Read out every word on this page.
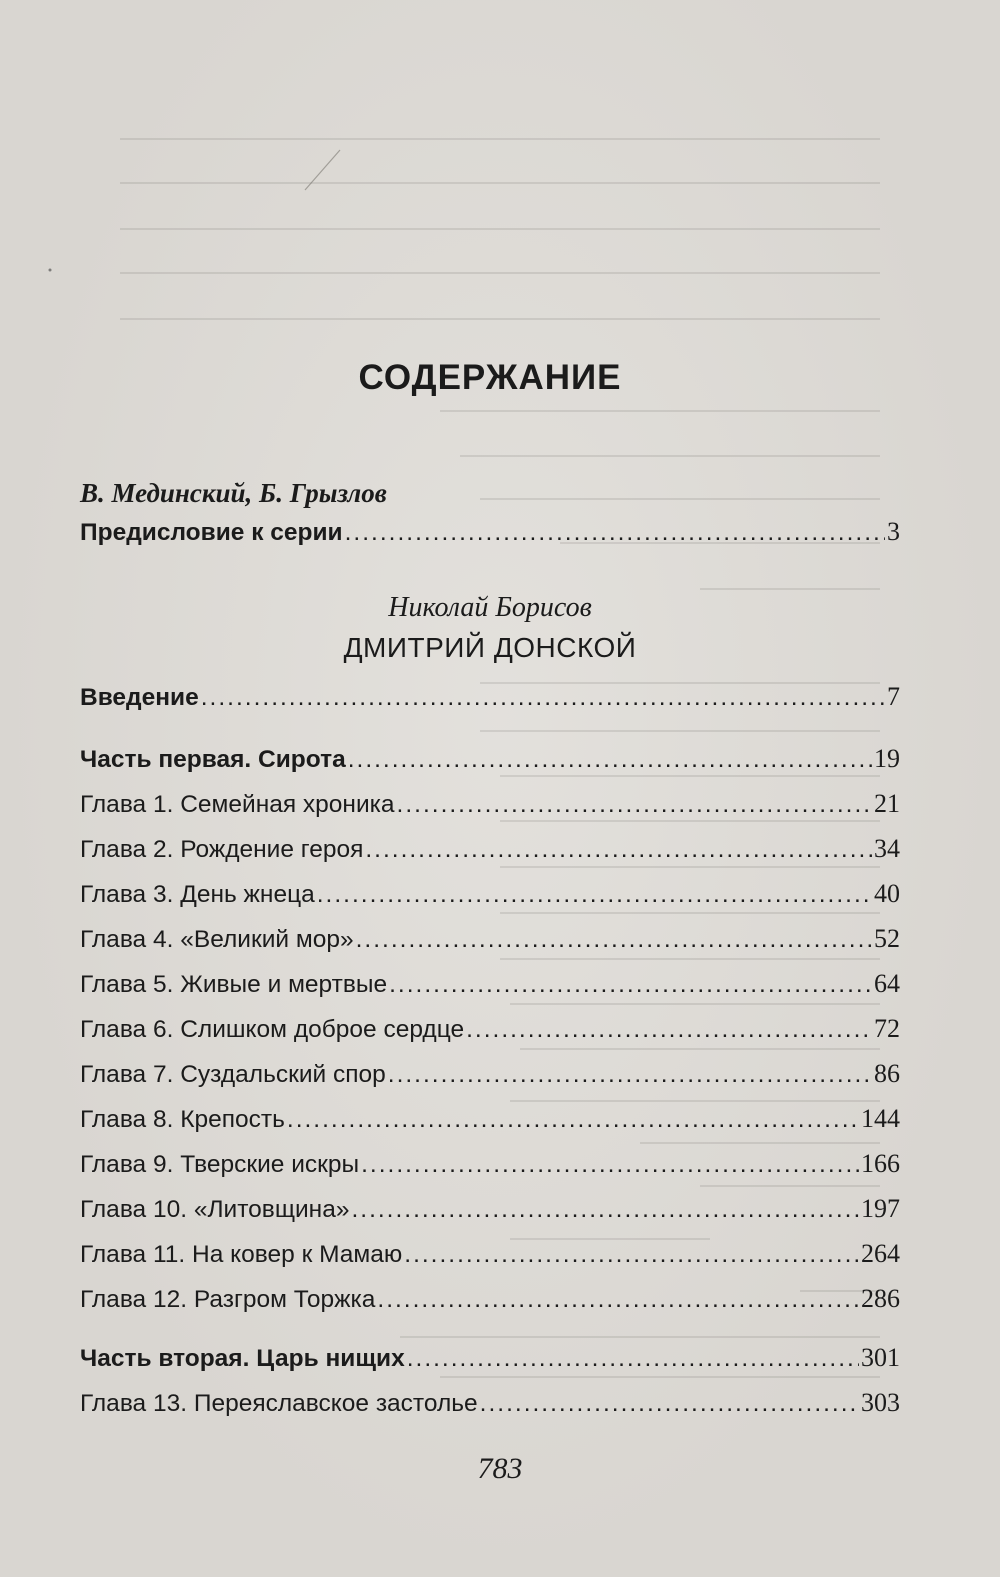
СОДЕРЖАНИЕ
В. Мединский, Б. Грызлов
Предисловие к серии .....	3
Николай Борисов
ДМИТРИЙ ДОНСКОЙ
Введение .....	7
Часть первая. Сирота .....	19
Глава 1. Семейная хроника .....	21
Глава 2. Рождение героя .....	34
Глава 3. День жнеца .....	40
Глава 4. «Великий мор» .....	52
Глава 5. Живые и мертвые .....	64
Глава 6. Слишком доброе сердце .....	72
Глава 7. Суздальский спор .....	86
Глава 8. Крепость .....	144
Глава 9. Тверские искры .....	166
Глава 10. «Литовщина» .....	197
Глава 11. На ковер к Мамаю .....	264
Глава 12. Разгром Торжка .....	286
Часть вторая. Царь нищих .....	301
Глава 13. Переяславское застолье .....	303
783
